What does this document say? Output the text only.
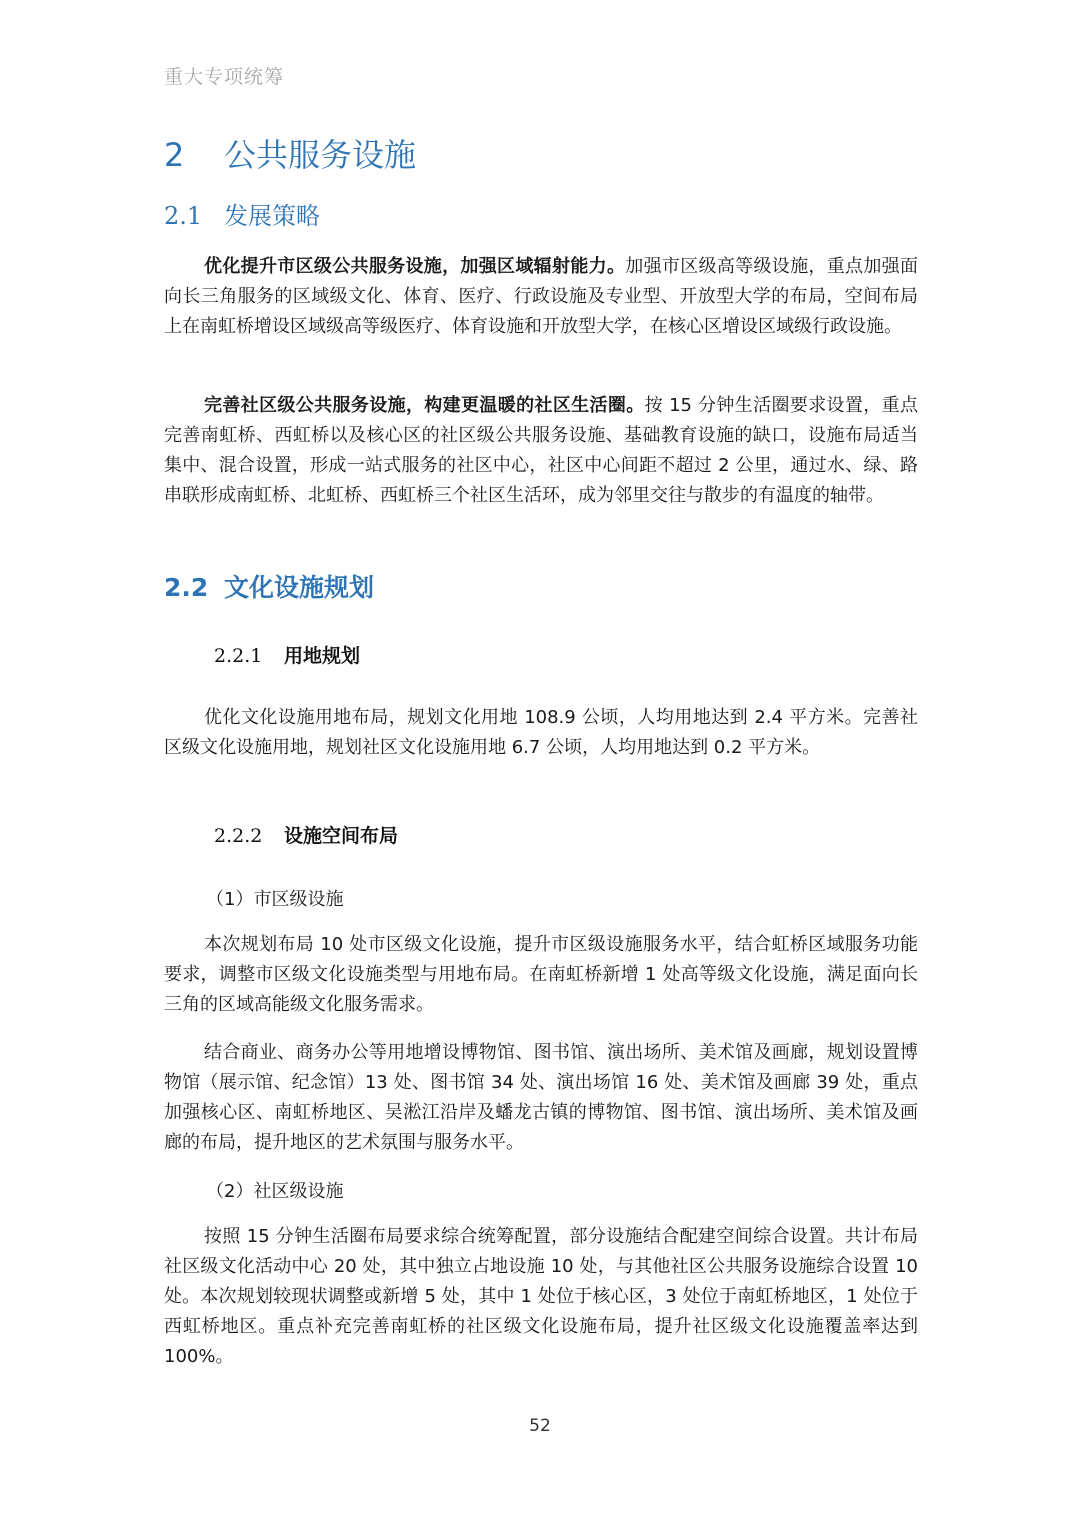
重大专项统筹
2 公共服务设施
2.1 发展策略
优化提升市区级公共服务设施，加强区域辐射能力。加强市区级高等级设施，重点加强面向长三角服务的区域级文化、体育、医疗、行政设施及专业型、开放型大学的布局，空间布局上在南虹桥增设区域级高等级医疗、体育设施和开放型大学，在核心区增设区域级行政设施。
完善社区级公共服务设施，构建更温暖的社区生活圈。按 15 分钟生活圈要求设置，重点完善南虹桥、西虹桥以及核心区的社区级公共服务设施、基础教育设施的缺口，设施布局适当集中、混合设置，形成一站式服务的社区中心，社区中心间距不超过 2 公里，通过水、绿、路串联形成南虹桥、北虹桥、西虹桥三个社区生活环，成为邻里交往与散步的有温度的轴带。
2.2 文化设施规划
2.2.1 用地规划
优化文化设施用地布局，规划文化用地 108.9 公顷，人均用地达到 2.4 平方米。完善社区级文化设施用地，规划社区文化设施用地 6.7 公顷，人均用地达到 0.2 平方米。
2.2.2 设施空间布局
（1）市区级设施
本次规划布局 10 处市区级文化设施，提升市区级设施服务水平，结合虹桥区域服务功能要求，调整市区级文化设施类型与用地布局。在南虹桥新增 1 处高等级文化设施，满足面向长三角的区域高能级文化服务需求。
结合商业、商务办公等用地增设博物馆、图书馆、演出场所、美术馆及画廊，规划设置博物馆（展示馆、纪念馆）13 处、图书馆 34 处、演出场馆 16 处、美术馆及画廊 39 处，重点加强核心区、南虹桥地区、吴淞江沿岸及蟠龙古镇的博物馆、图书馆、演出场所、美术馆及画廊的布局，提升地区的艺术氛围与服务水平。
（2）社区级设施
按照 15 分钟生活圈布局要求综合统筹配置，部分设施结合配建空间综合设置。共计布局社区级文化活动中心 20 处，其中独立占地设施 10 处，与其他社区公共服务设施综合设置 10 处。本次规划较现状调整或新增 5 处，其中 1 处位于核心区，3 处位于南虹桥地区，1 处位于西虹桥地区。重点补充完善南虹桥的社区级文化设施布局，提升社区级文化设施覆盖率达到 100%。
52
